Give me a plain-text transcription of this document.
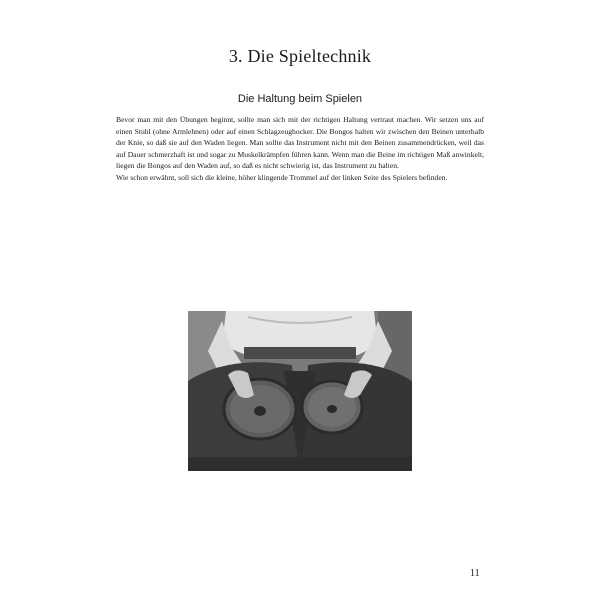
3. Die Spieltechnik
Die Haltung beim Spielen

Bevor man mit den Übungen beginnt, sollte man sich mit der richtigen Haltung vertraut machen. Wir setzen uns auf einen Stuhl (ohne Armlehnen) oder auf einen Schlagzeughocker. Die Bongos halten wir zwischen den Beinen unterhalb der Knie, so daß sie auf den Waden liegen. Man sollte das Instrument nicht mit den Beinen zusammendrücken, weil das auf Dauer schmerzhaft ist und sogar zu Muskelkrämpfen führen kann. Wenn man die Beine im richtigen Maß anwinkelt, liegen die Bongos auf den Waden auf, so daß es nicht schwierig ist, das Instrument zu halten.

Wie schon erwähnt, soll sich die kleine, höher klingende Trommel auf der linken Seite des Spielers befinden.

11
